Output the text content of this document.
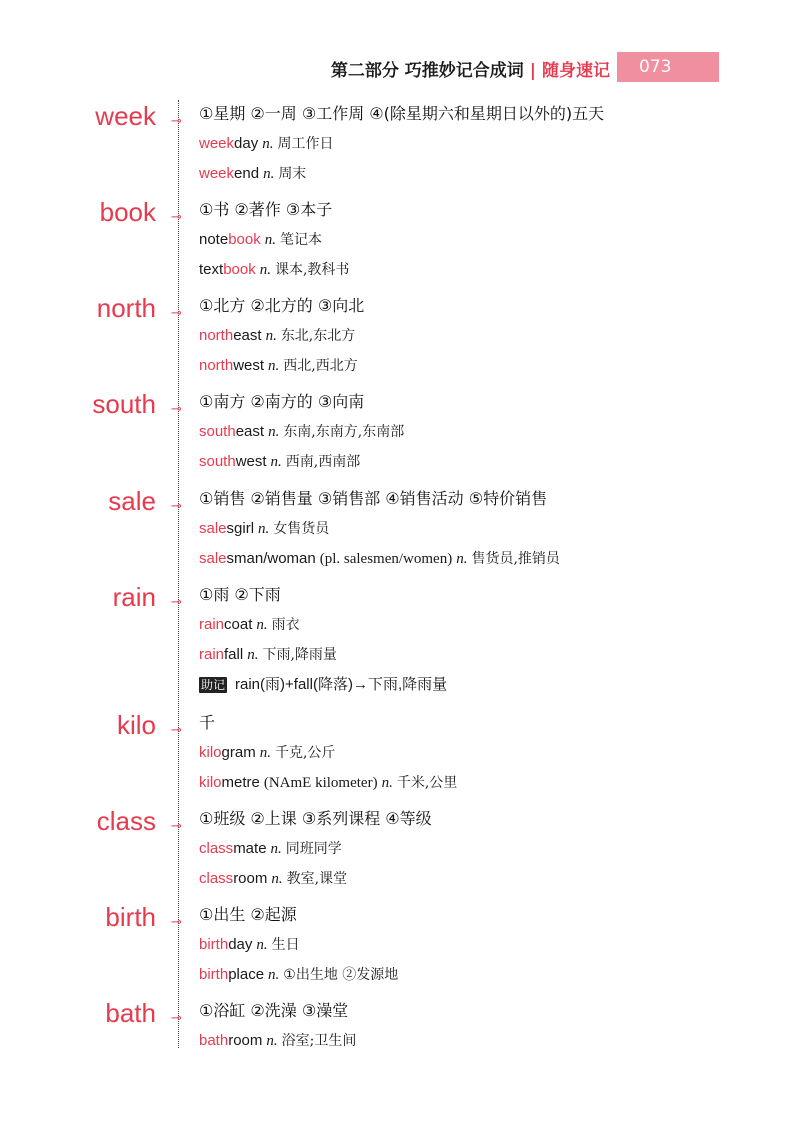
第二部分 巧推妙记合成词 | 随身速记	073
week ⊸ ①星期 ②一周 ③工作周 ④(除星期六和星期日以外的)五天
weekday n. 周工作日
weekend n. 周末
book ⊸ ①书 ②著作 ③本子
notebook n. 笔记本
textbook n. 课本,教科书
north ⊸ ①北方 ②北方的 ③向北
northeast n. 东北,东北方
northwest n. 西北,西北方
south ⊸ ①南方 ②南方的 ③向南
southeast n. 东南,东南方,东南部
southwest n. 西南,西南部
sale ⊸ ①销售 ②销售量 ③销售部 ④销售活动 ⑤特价销售
salesgirl n. 女售货员
salesman/woman (pl. salesmen/women) n. 售货员,推销员
rain ⊸ ①雨 ②下雨
raincoat n. 雨衣
rainfall n. 下雨,降雨量
助记 rain(雨)+fall(降落)→下雨,降雨量
kilo ⊸ 千
kilogram n. 千克,公斤
kilometre (NAmE kilometer) n. 千米,公里
class ⊸ ①班级 ②上课 ③系列课程 ④等级
classmate n. 同班同学
classroom n. 教室,课堂
birth ⊸ ①出生 ②起源
birthday n. 生日
birthplace n. ①出生地 ②发源地
bath ⊸ ①浴缸 ②洗澡 ③澡堂
bathroom n. 浴室;卫生间
